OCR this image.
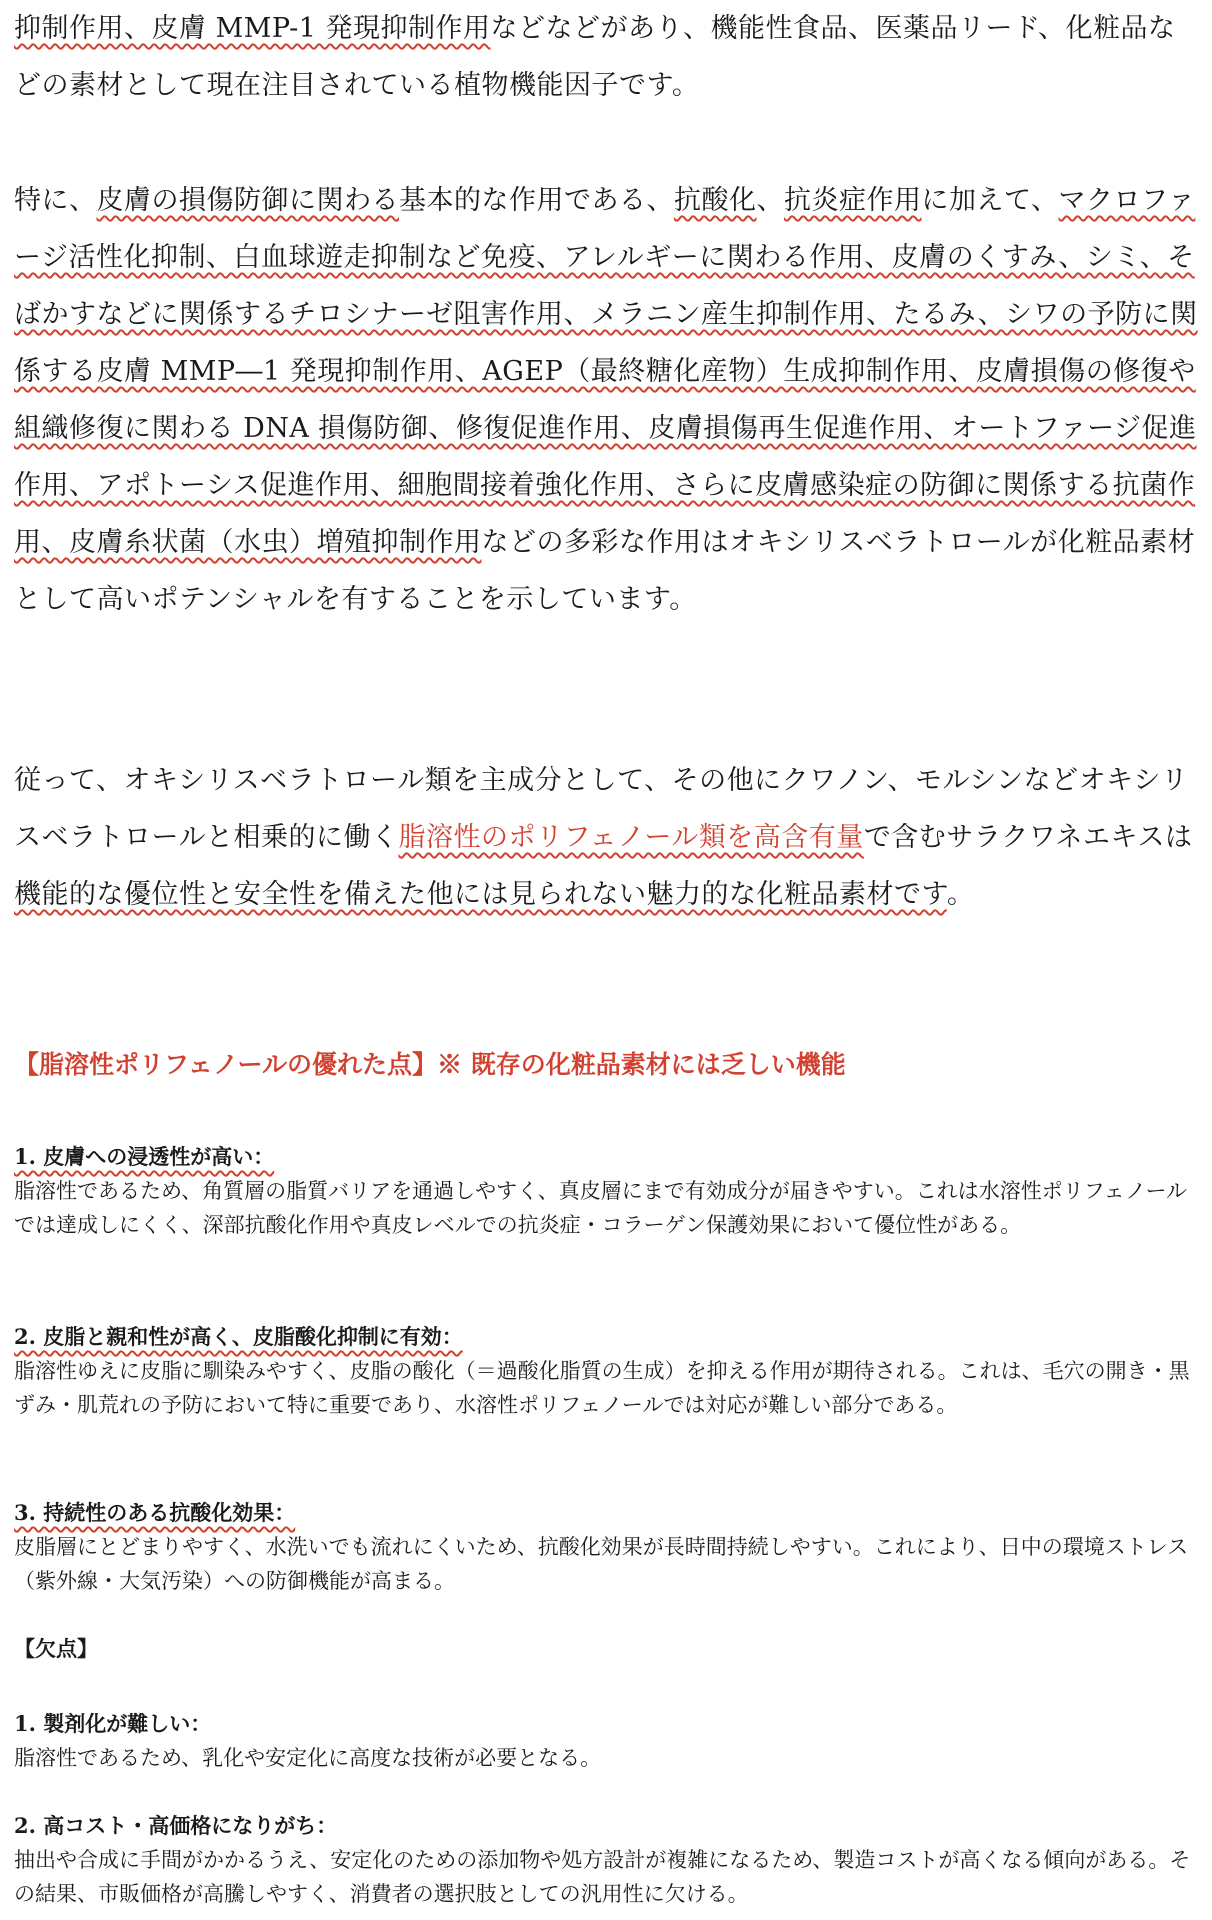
抑制作用、皮膚 MMP-1 発現抑制作用などなどがあり、機能性食品、医薬品リード、化粧品などの素材として現在注目されている植物機能因子です。

特に、皮膚の損傷防御に関わる基本的な作用である、抗酸化、抗炎症作用に加えて、マクロファージ活性化抑制、白血球遊走抑制など免疫、アレルギーに関わる作用、皮膚のくすみ、シミ、そばかすなどに関係するチロシナーゼ阻害作用、メラニン産生抑制作用、たるみ、シワの予防に関係する皮膚 MMP―1 発現抑制作用、AGEP（最終糖化産物）生成抑制作用、皮膚損傷の修復や組織修復に関わる DNA 損傷防御、修復促進作用、皮膚損傷再生促進作用、オートファージ促進作用、アポトーシス促進作用、細胞間接着強化作用、さらに皮膚感染症の防御に関係する抗菌作用、皮膚糸状菌（水虫）増殖抑制作用などの多彩な作用はオキシリスベラトロールが化粧品素材として高いポテンシャルを有することを示しています。

従って、オキシリスベラトロール類を主成分として、その他にクワノン、モルシンなどオキシリスベラトロールと相乗的に働く脂溶性のポリフェノール類を高含有量で含むサラクワネエキスは機能的な優位性と安全性を備えた他には見られない魅力的な化粧品素材です。

【脂溶性ポリフェノールの優れた点】※ 既存の化粧品素材には乏しい機能
1. 皮膚への浸透性が高い：
脂溶性であるため、角質層の脂質バリアを通過しやすく、真皮層にまで有効成分が届きやすい。これは水溶性ポリフェノールでは達成しにくく、深部抗酸化作用や真皮レベルでの抗炎症・コラーゲン保護効果において優位性がある。
2. 皮脂と親和性が高く、皮脂酸化抑制に有効：
脂溶性ゆえに皮脂に馴染みやすく、皮脂の酸化（＝過酸化脂質の生成）を抑える作用が期待される。これは、毛穴の開き・黒ずみ・肌荒れの予防において特に重要であり、水溶性ポリフェノールでは対応が難しい部分である。
3. 持続性のある抗酸化効果：
皮脂層にとどまりやすく、水洗いでも流れにくいため、抗酸化効果が長時間持続しやすい。これにより、日中の環境ストレス（紫外線・大気汚染）への防御機能が高まる。
【欠点】
1. 製剤化が難しい：
脂溶性であるため、乳化や安定化に高度な技術が必要となる。
2. 高コスト・高価格になりがち：
抽出や合成に手間がかかるうえ、安定化のための添加物や処方設計が複雑になるため、製造コストが高くなる傾向がある。その結果、市販価格が高騰しやすく、消費者の選択肢としての汎用性に欠ける。
